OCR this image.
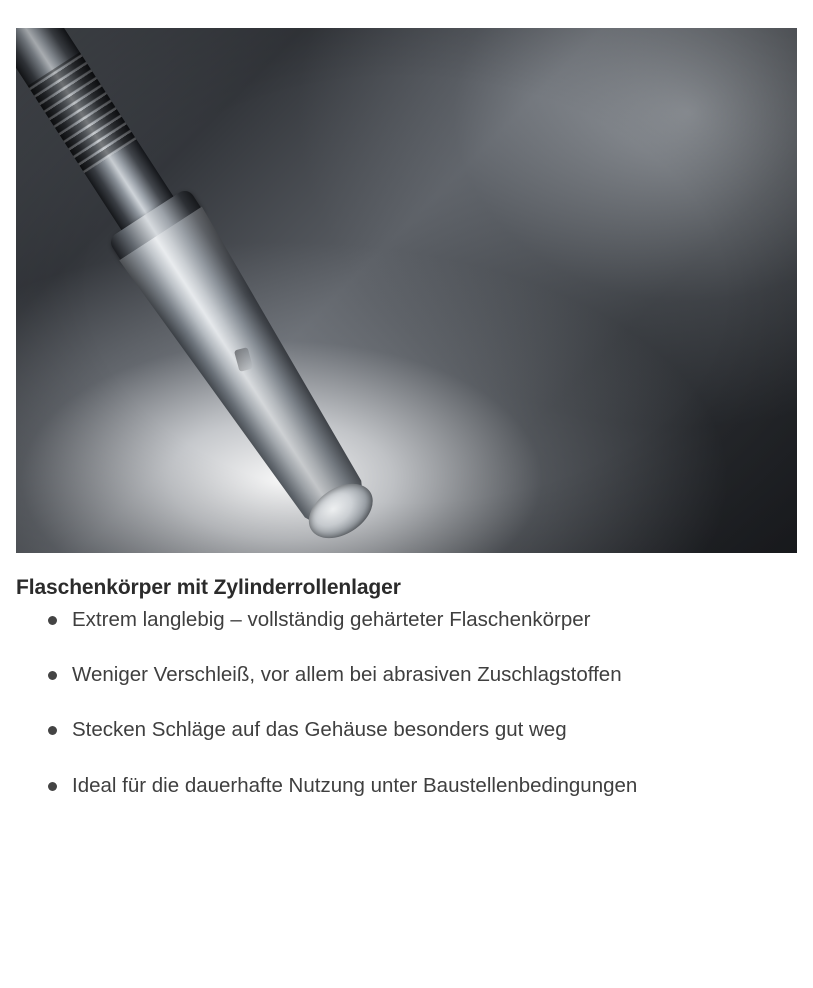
Flaschenkörper mit Zylinderrollenlager
Extrem langlebig – vollständig gehärteter Flaschenkörper
Weniger Verschleiß, vor allem bei abrasiven Zuschlagstoffen
Stecken Schläge auf das Gehäuse besonders gut weg
Ideal für die dauerhafte Nutzung unter Baustellenbedingungen
